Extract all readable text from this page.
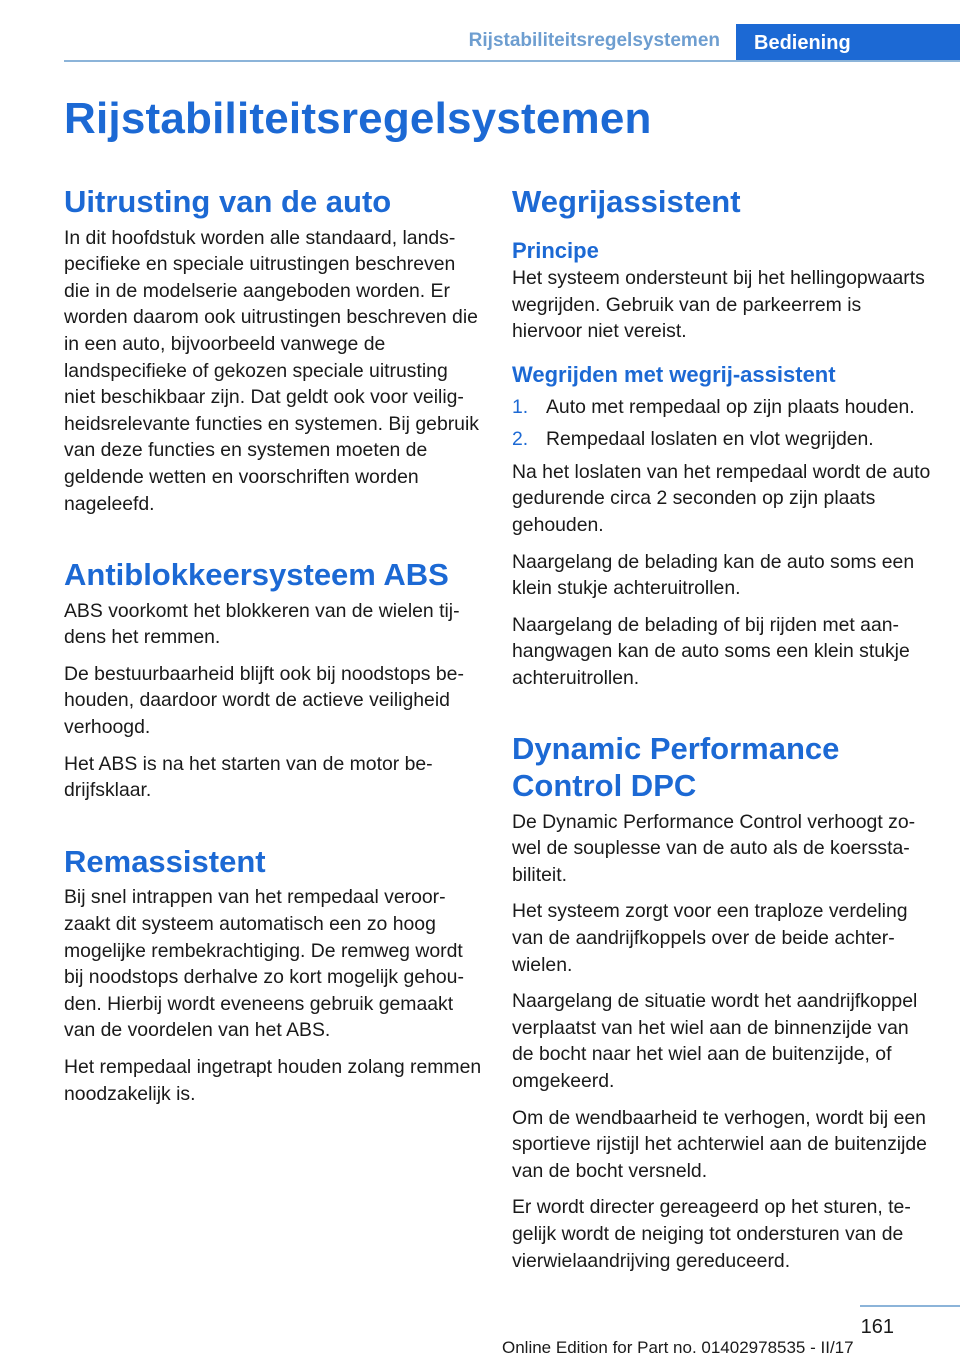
Rijstabiliteitsregelsystemen	Bediening
Rijstabiliteitsregelsystemen
Uitrusting van de auto

In dit hoofdstuk worden alle standaard, landspecifieke en speciale uitrustingen beschreven die in de modelserie aangeboden worden. Er worden daarom ook uitrustingen beschreven die in een auto, bijvoorbeeld vanwege de landspecifieke of gekozen speciale uitrusting niet beschikbaar zijn. Dat geldt ook voor veiligheidsrelevante functies en systemen. Bij gebruik van deze functies en systemen moeten de geldende wetten en voorschriften worden nageleefd.

Antiblokkeersysteem ABS

ABS voorkomt het blokkeren van de wielen tijdens het remmen.

De bestuurbaarheid blijft ook bij noodstops behouden, daardoor wordt de actieve veiligheid verhoogd.

Het ABS is na het starten van de motor bedrijfsklaar.

Remassistent

Bij snel intrappen van het rempedaal veroorzaakt dit systeem automatisch een zo hoog mogelijke rembekrachtiging. De remweg wordt bij noodstops derhalve zo kort mogelijk gehouden. Hierbij wordt eveneens gebruik gemaakt van de voordelen van het ABS.

Het rempedaal ingetrapt houden zolang remmen noodzakelijk is.

Wegrijassistent
Principe

Het systeem ondersteunt bij het hellingopwaarts wegrijden. Gebruik van de parkeerrem is hiervoor niet vereist.

Wegrijden met wegrij-assistent
1. Auto met rempedaal op zijn plaats houden.
2. Rempedaal loslaten en vlot wegrijden.

Na het loslaten van het rempedaal wordt de auto gedurende circa 2 seconden op zijn plaats gehouden.

Naargelang de belading kan de auto soms een klein stukje achteruitrollen.

Naargelang de belading of bij rijden met aanhangwagen kan de auto soms een klein stukje achteruitrollen.

Dynamic Performance Control DPC

De Dynamic Performance Control verhoogt zowel de souplesse van de auto als de koersstabiliteit.

Het systeem zorgt voor een traploze verdeling van de aandrijfkoppels over de beide achterwielen.

Naargelang de situatie wordt het aandrijfkoppel verplaatst van het wiel aan de binnenzijde van de bocht naar het wiel aan de buitenzijde, of omgekeerd.

Om de wendbaarheid te verhogen, wordt bij een sportieve rijstijl het achterwiel aan de buitenzijde van de bocht versneld.

Er wordt directer gereageerd op het sturen, tegelijk wordt de neiging tot ondersturen van de vierwielaandrijving gereduceerd.

161
Online Edition for Part no. 01402978535 - II/17
